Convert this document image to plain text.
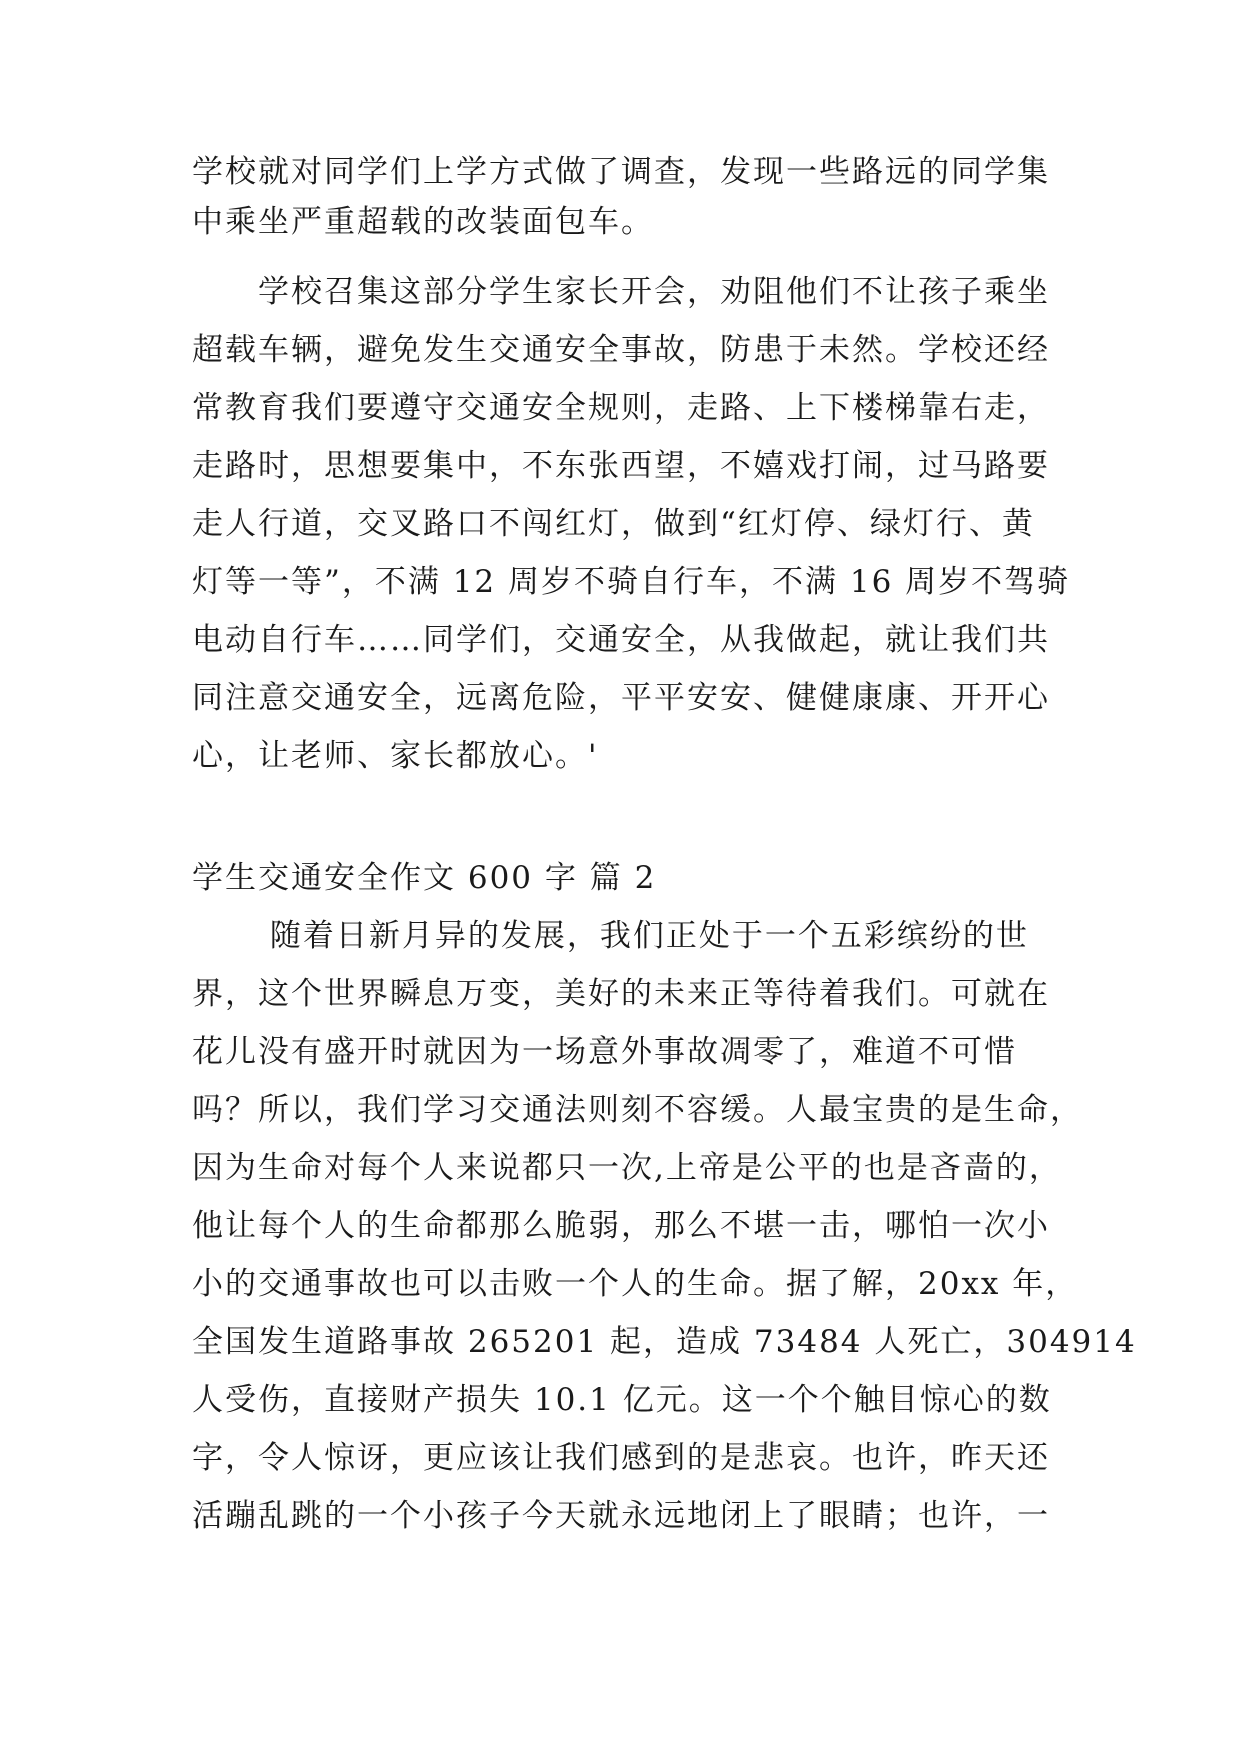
学校就对同学们上学方式做了调查，发现一些路远的同学集
中乘坐严重超载的改装面包车。
　　学校召集这部分学生家长开会，劝阻他们不让孩子乘坐
超载车辆，避免发生交通安全事故，防患于未然。学校还经
常教育我们要遵守交通安全规则，走路、上下楼梯靠右走，
走路时，思想要集中，不东张西望，不嬉戏打闹，过马路要
走人行道，交叉路口不闯红灯，做到“红灯停、绿灯行、黄
灯等一等”，不满 12 周岁不骑自行车，不满 16 周岁不驾骑
电动自行车……同学们，交通安全，从我做起，就让我们共
同注意交通安全，远离危险，平平安安、健健康康、开开心
心，让老师、家长都放心。'
学生交通安全作文 600 字 篇 2
　　 随着日新月异的发展，我们正处于一个五彩缤纷的世
界，这个世界瞬息万变，美好的未来正等待着我们。可就在
花儿没有盛开时就因为一场意外事故凋零了，难道不可惜
吗？所以，我们学习交通法则刻不容缓。人最宝贵的是生命，
因为生命对每个人来说都只一次,上帝是公平的也是吝啬的，
他让每个人的生命都那么脆弱，那么不堪一击，哪怕一次小
小的交通事故也可以击败一个人的生命。据了解，20xx 年，
全国发生道路事故 265201 起，造成 73484 人死亡，304914
人受伤，直接财产损失 10.1 亿元。这一个个触目惊心的数
字，令人惊讶，更应该让我们感到的是悲哀。也许，昨天还
活蹦乱跳的一个小孩子今天就永远地闭上了眼睛；也许，一
